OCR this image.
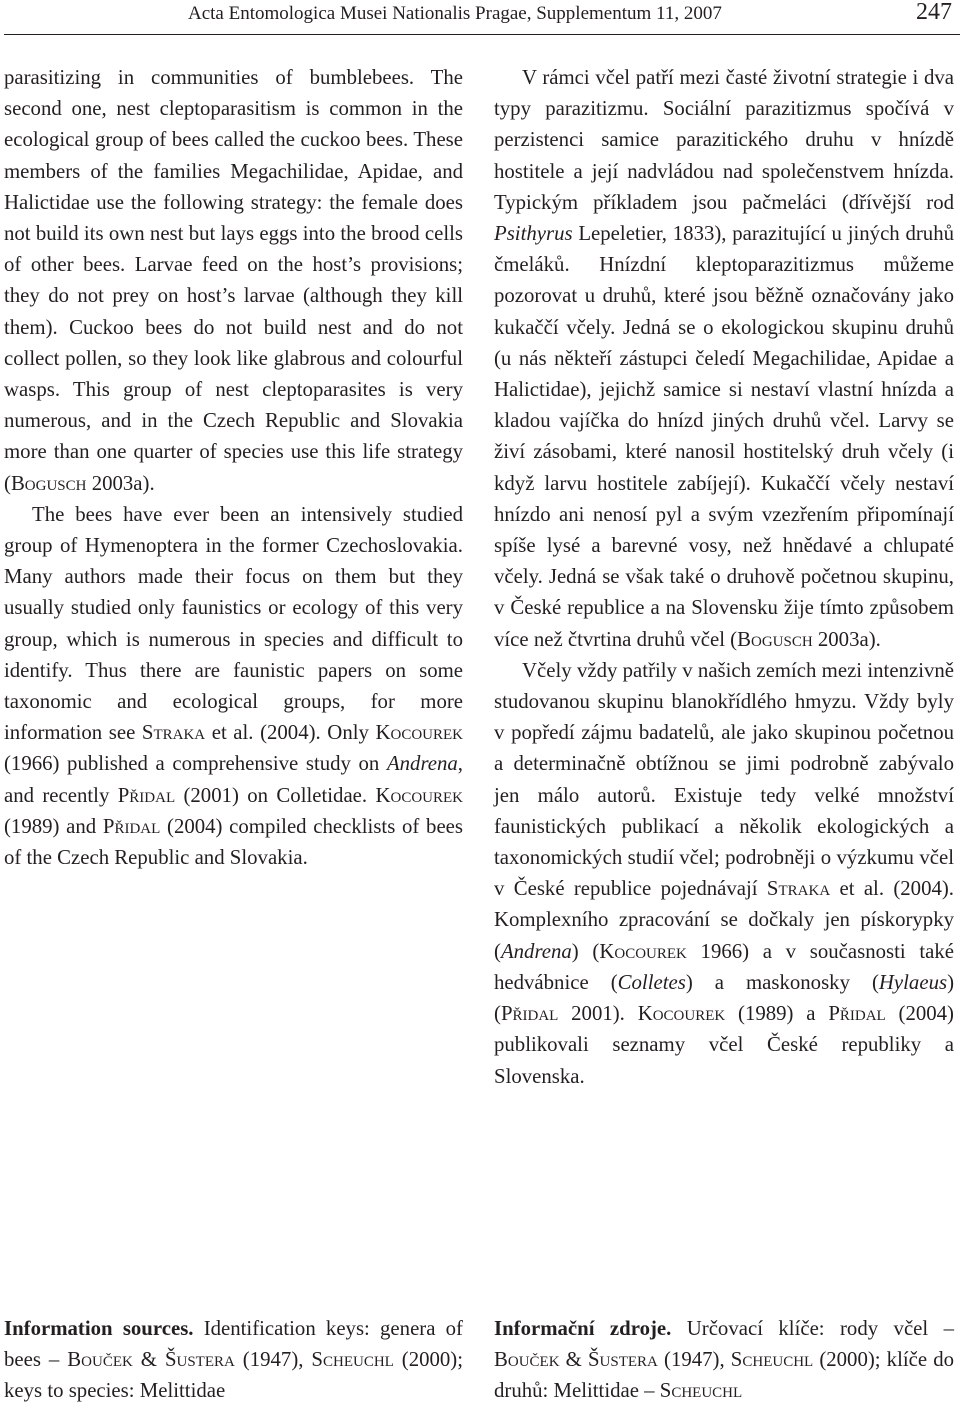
Acta Entomologica Musei Nationalis Pragae, Supplementum 11, 2007	247

parasitizing in communities of bumblebees. The second one, nest cleptoparasitism is common in the ecological group of bees called the cuckoo bees. These members of the families Megachilidae, Apidae, and Halictidae use the following strategy: the female does not build its own nest but lays eggs into the brood cells of other bees. Larvae feed on the host’s provisions; they do not prey on host’s larvae (although they kill them). Cuckoo bees do not build nest and do not collect pollen, so they look like glabrous and colourful wasps. This group of nest cleptoparasites is very numerous, and in the Czech Republic and Slovakia more than one quarter of species use this life strategy (Bogusch 2003a).

The bees have ever been an intensively studied group of Hymenoptera in the former Czechoslovakia. Many authors made their focus on them but they usually studied only faunistics or ecology of this very group, which is numerous in species and difficult to identify. Thus there are faunistic papers on some taxonomic and ecological groups, for more information see Straka et al. (2004). Only Kocourek (1966) published a comprehensive study on Andrena, and recently Přidal (2001) on Colletidae. Kocourek (1989) and Přidal (2004) compiled checklists of bees of the Czech Republic and Slovakia.

V rámci včel patří mezi časté životní strategie i dva typy parazitizmu. Sociální parazitizmus spočívá v perzistenci samice parazitického druhu v hnízdě hostitele a její nadvládou nad společenstvem hnízda. Typickým příkladem jsou pačmeláci (dřívější rod Psithyrus Lepeletier, 1833), parazitující u jiných druhů čmeláků. Hnízdní kleptoparazitizmus můžeme pozorovat u druhů, které jsou běžně označovány jako kukaččí včely. Jedná se o ekologickou skupinu druhů (u nás někteří zástupci čeledí Megachilidae, Apidae a Halictidae), jejichž samice si nestaví vlastní hnízda a kladou vajíčka do hnízd jiných druhů včel. Larvy se živí zásobami, které nanosil hostitelský druh včely (i když larvu hostitele zabíjejí). Kukaččí včely nestaví hnízdo ani nenosí pyl a svým vzezřením připomínají spíše lysé a barevné vosy, než hnědavé a chlupaté včely. Jedná se však také o druhově početnou skupinu, v České republice a na Slovensku žije tímto způsobem více než čtvrtina druhů včel (Bogusch 2003a).

Včely vždy patřily v našich zemích mezi intenzivně studovanou skupinu blanokřídlého hmyzu. Vždy byly v popředí zájmu badatelů, ale jako skupinou početnou a determinačně obtížnou se jimi podrobně zabývalo jen málo autorů. Existuje tedy velké množství faunistických publikací a několik ekologických a taxonomických studií včel; podrobněji o výzkumu včel v České republice pojednávají Straka et al. (2004). Komplexního zpracování se dočkaly jen pískorypky (Andrena) (Kocourek 1966) a v současnosti také hedvábnice (Colletes) a maskonosky (Hylaeus) (Přidal 2001). Kocourek (1989) a Přidal (2004) publikovali seznamy včel České republiky a Slovenska.

Information sources. Identification keys: genera of bees – Bouček & Šustera (1947), Scheuchl (2000); keys to species: Melittidae

Informační zdroje. Určovací klíče: rody včel – Bouček & Šustera (1947), Scheuchl (2000); klíče do druhů: Melittidae – Scheuchl
